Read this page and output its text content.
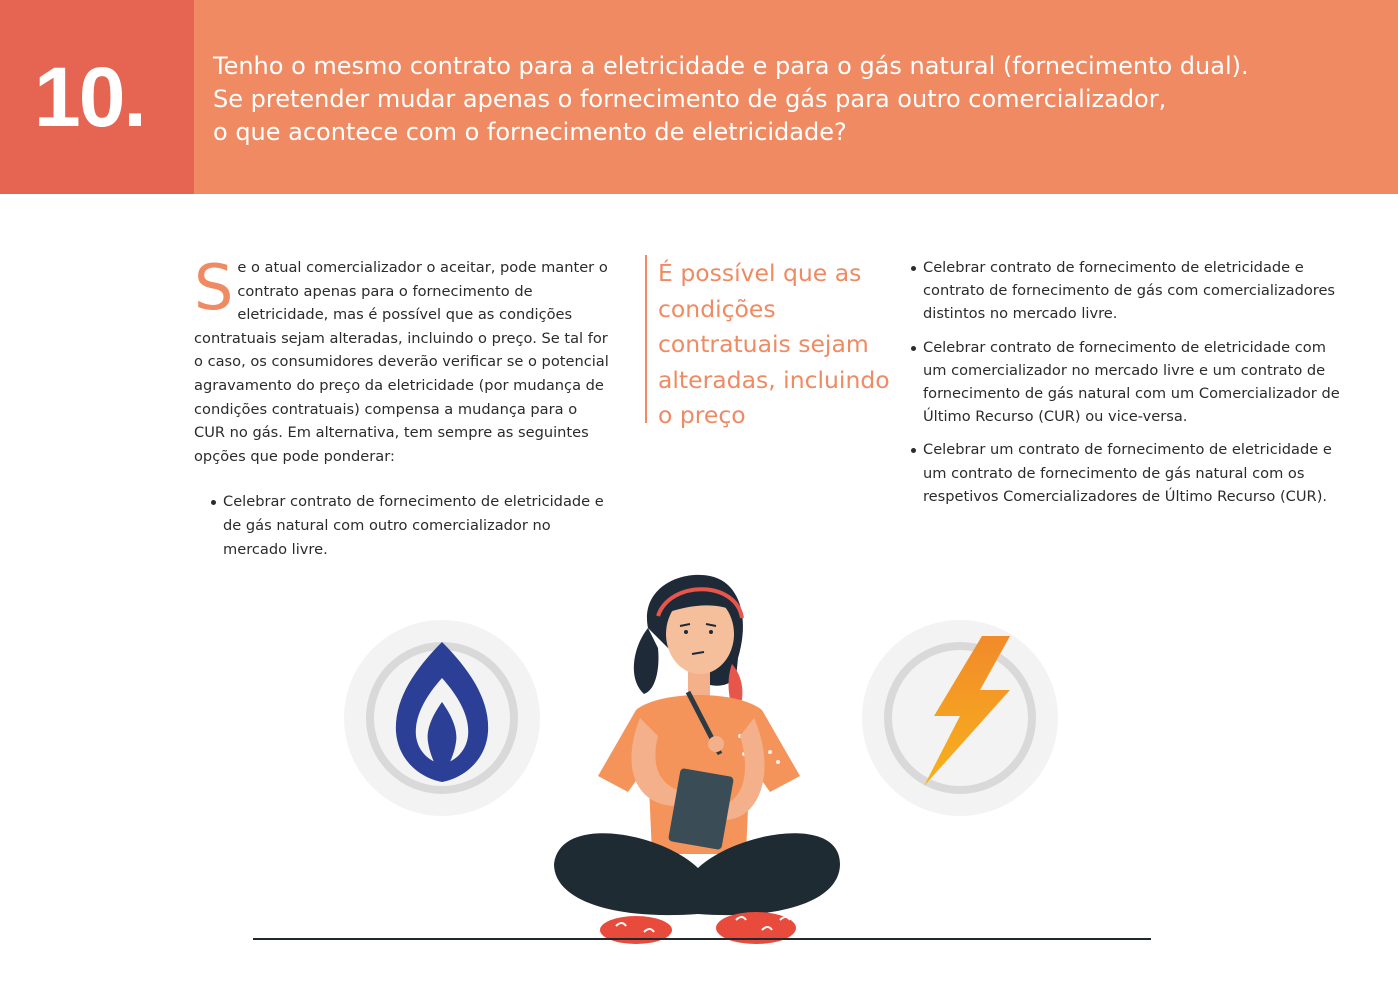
10.	Tenho o mesmo contrato para a eletricidade e para o gás natural (fornecimento dual).
Se pretender mudar apenas o fornecimento de gás para outro comercializador,
o que acontece com o fornecimento de eletricidade?
S e o atual comercializador o aceitar, pode manter o contrato apenas para o fornecimento de eletricidade, mas é possível que as condições contratuais sejam alteradas, incluindo o preço. Se tal for o caso, os consumidores deverão verificar se o potencial agravamento do preço da eletricidade (por mudança de condições contratuais) compensa a mudança para o CUR no gás. Em alternativa, tem sempre as seguintes opções que pode ponderar:

Celebrar contrato de fornecimento de eletricidade e de gás natural com outro comercializador no mercado livre.
É possível que as condições contratuais sejam alteradas, incluindo o preço
Celebrar contrato de fornecimento de eletricidade e contrato de fornecimento de gás com comercializadores distintos no mercado livre.
Celebrar contrato de fornecimento de eletricidade com um comercializador no mercado livre e um contrato de fornecimento de gás natural com um Comercializador de Último Recurso (CUR) ou vice-versa.
Celebrar um contrato de fornecimento de eletricidade e um contrato de fornecimento de gás natural com os respetivos Comercializadores de Último Recurso (CUR).
